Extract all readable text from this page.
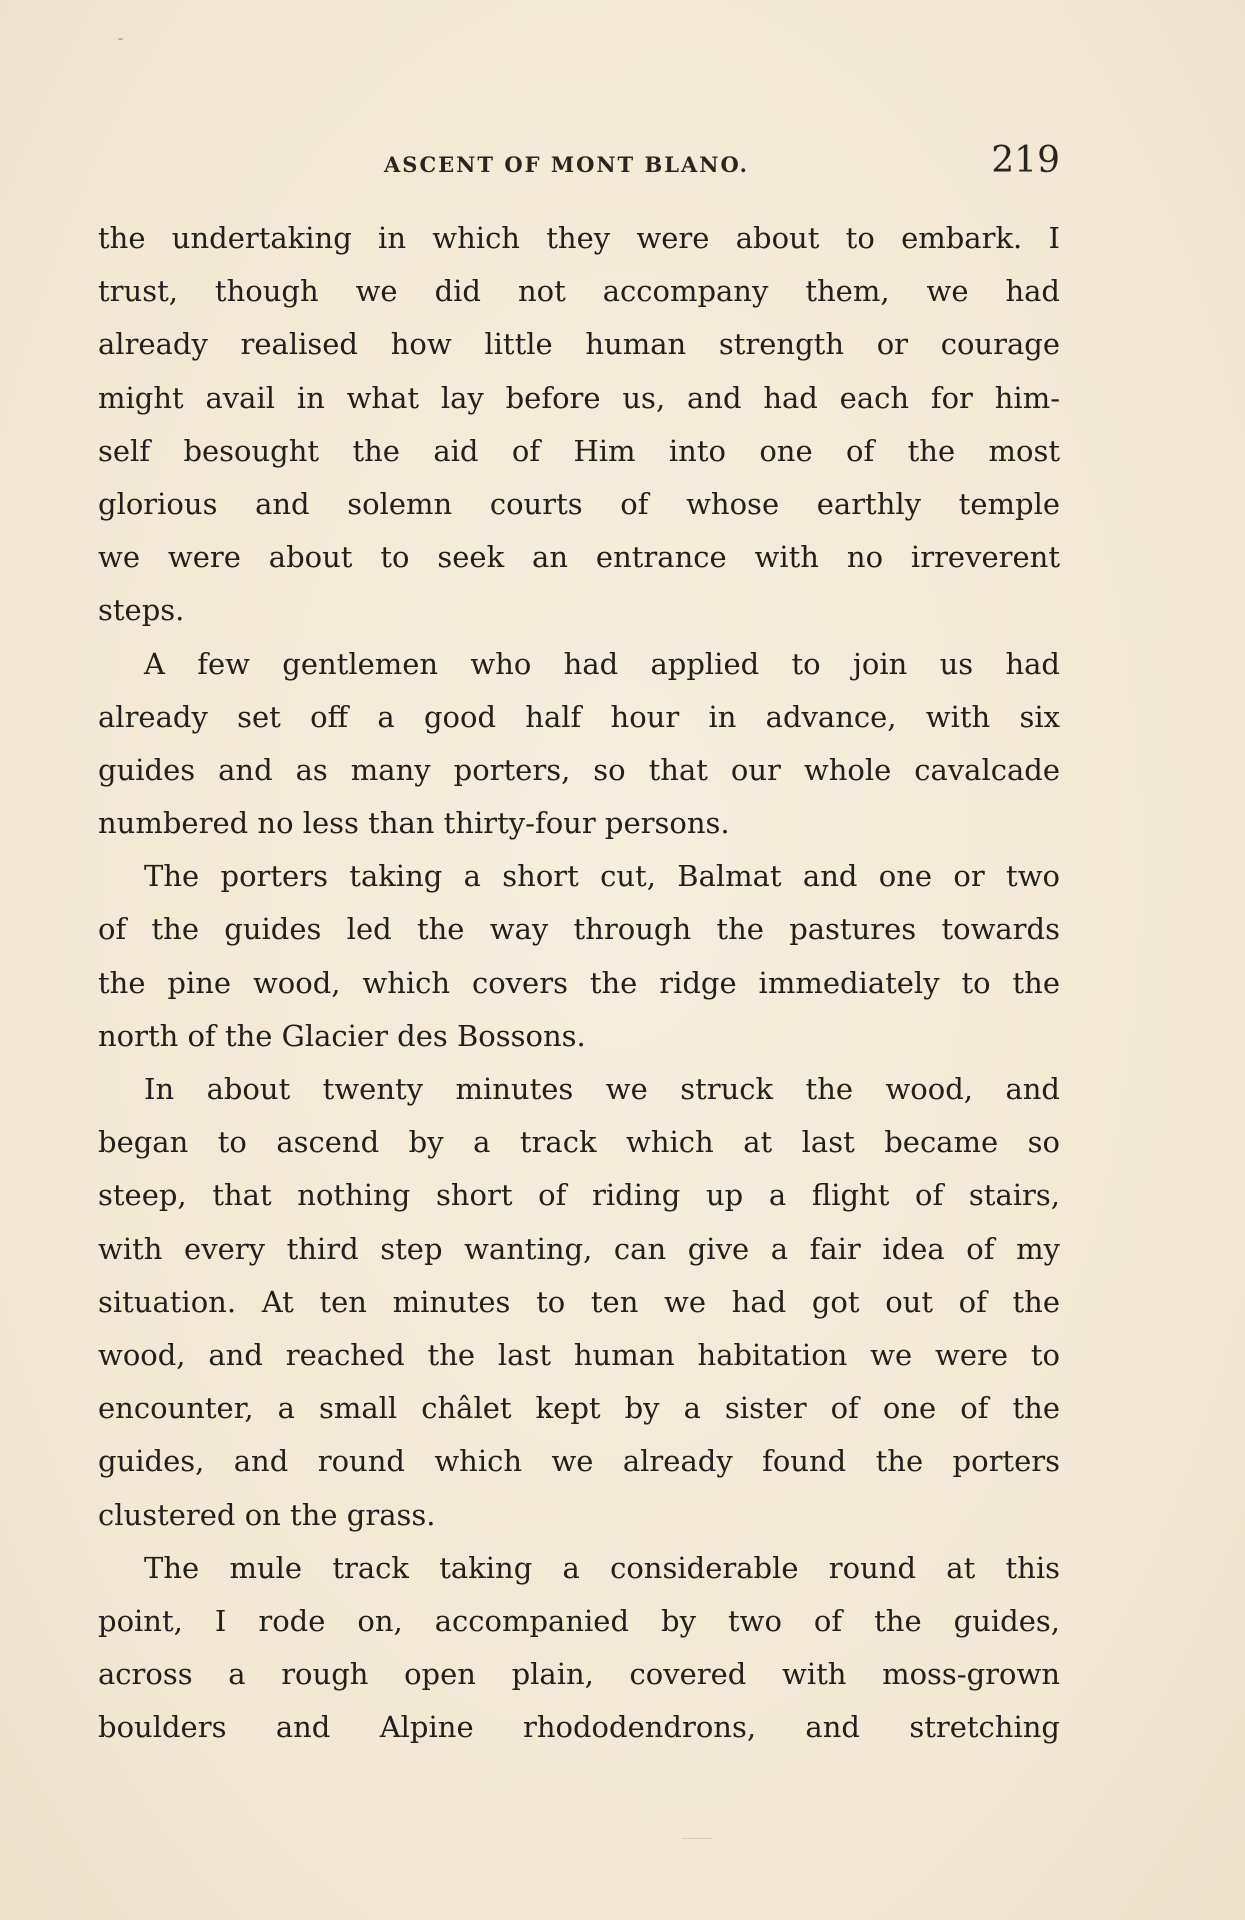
ASCENT OF MONT BLANO.	219
the undertaking in which they were about to embark. I
trust, though we did not accompany them, we had
already realised how little human strength or courage
might avail in what lay before us, and had each for him-
self besought the aid of Him into one of the most
glorious and solemn courts of whose earthly temple
we were about to seek an entrance with no irreverent
steps.
A few gentlemen who had applied to join us had
already set off a good half hour in advance, with six
guides and as many porters, so that our whole cavalcade
numbered no less than thirty-four persons.
The porters taking a short cut, Balmat and one or two
of the guides led the way through the pastures towards
the pine wood, which covers the ridge immediately to the
north of the Glacier des Bossons.
In about twenty minutes we struck the wood, and
began to ascend by a track which at last became so
steep, that nothing short of riding up a flight of stairs,
with every third step wanting, can give a fair idea of my
situation. At ten minutes to ten we had got out of the
wood, and reached the last human habitation we were to
encounter, a small châlet kept by a sister of one of the
guides, and round which we already found the porters
clustered on the grass.
The mule track taking a considerable round at this
point, I rode on, accompanied by two of the guides,
across a rough open plain, covered with moss-grown
boulders and Alpine rhododendrons, and stretching
